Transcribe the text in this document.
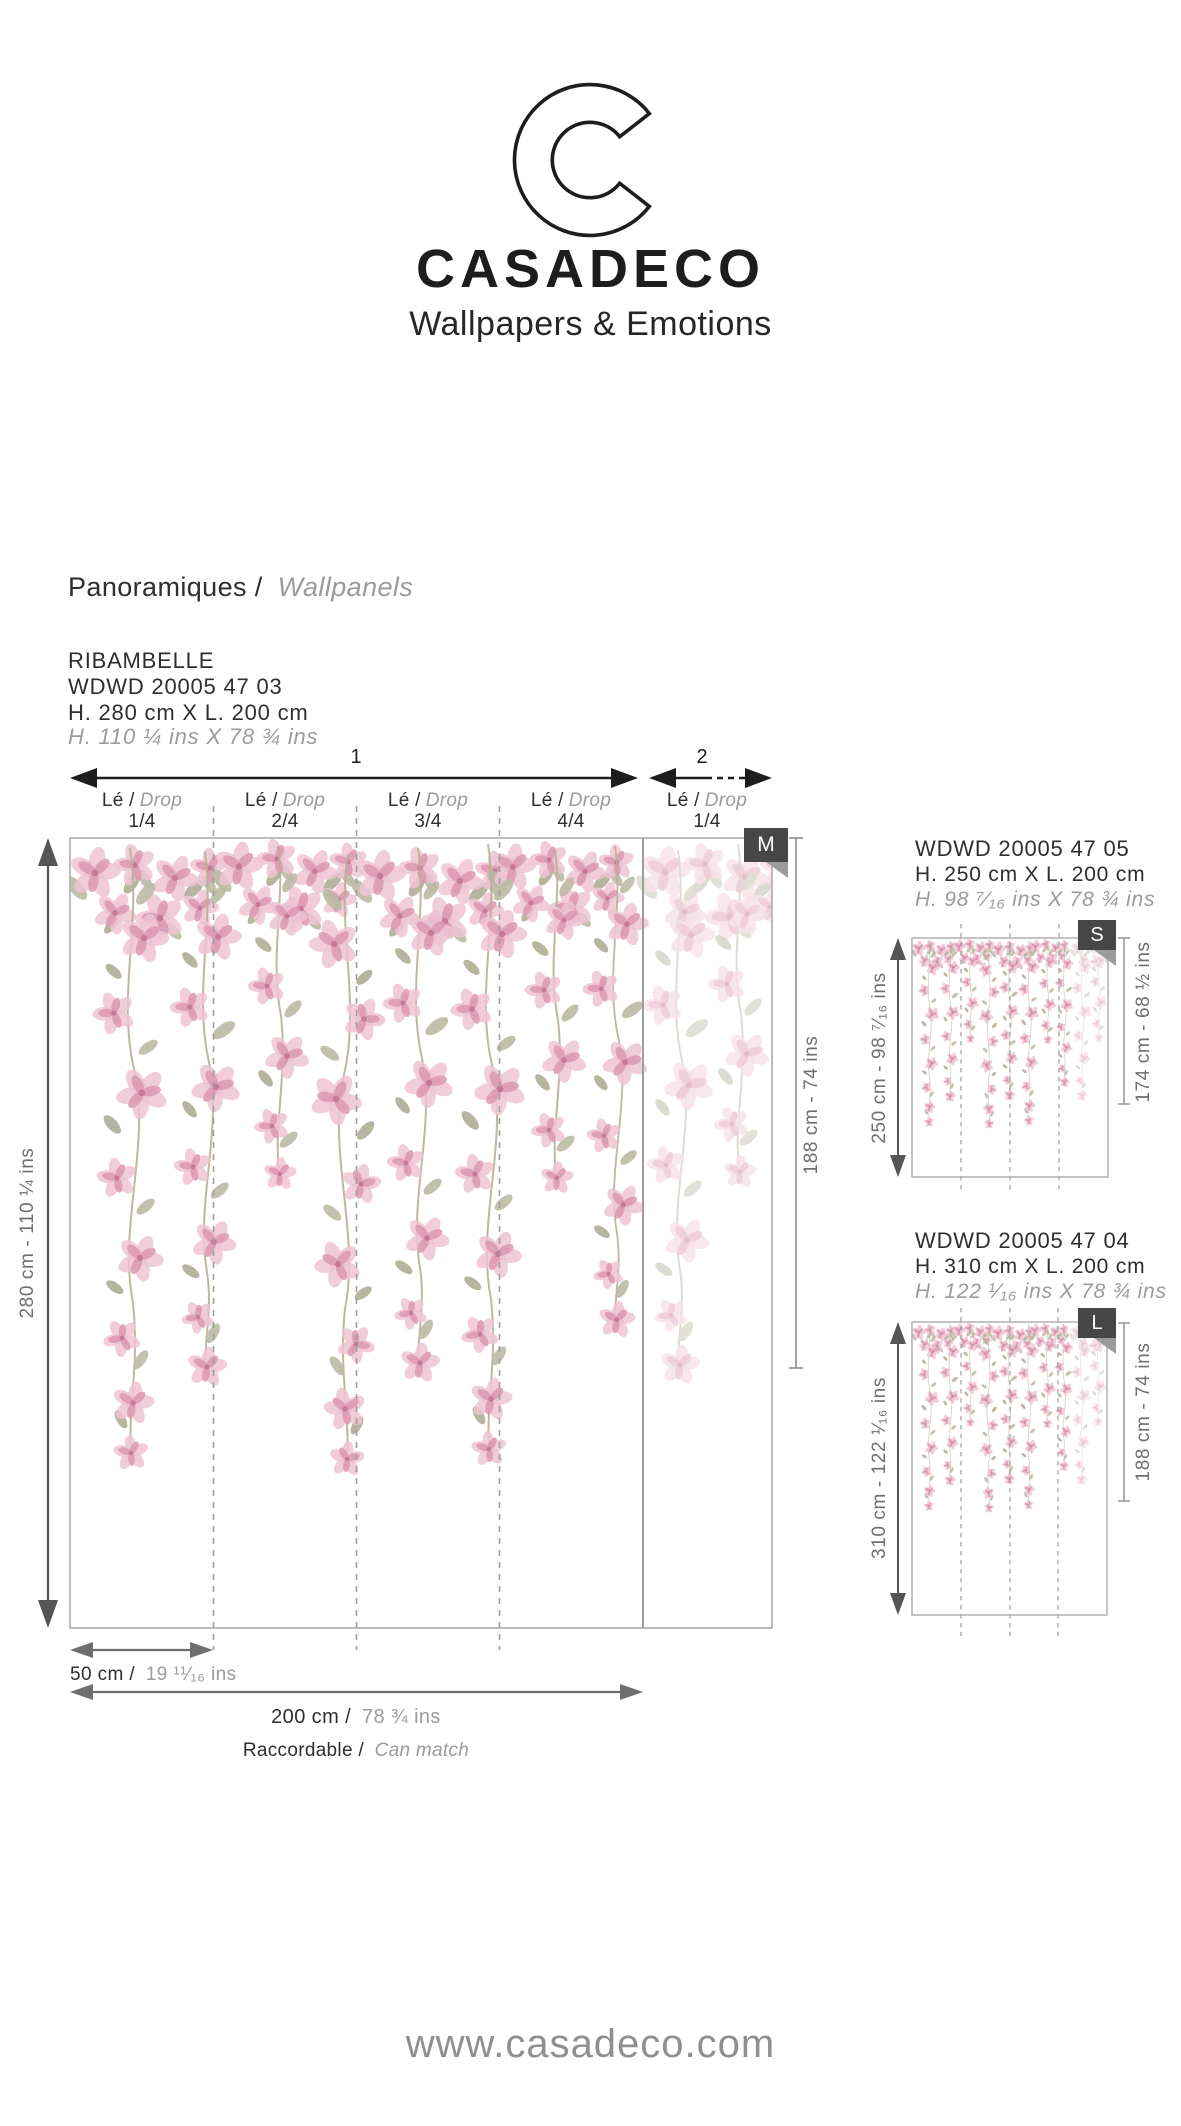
CASADECO
Wallpapers & Emotions
Panoramiques / Wallpanels
RIBAMBELLE
WDWD 20005 47 03
H. 280 cm X L. 200 cm
H. 110 ¼ ins X 78 ¾ ins
1	2
Lé / Drop
1/4
Lé / Drop
2/4
Lé / Drop
3/4
Lé / Drop
4/4
Lé / Drop
1/4
M
S
L
280 cm - 110 ¼ ins
188 cm - 74 ins 250 cm - 98 ⁷⁄₁₆ ins	174 cm - 68 ½ ins
310 cm - 122 ¹⁄₁₆ ins	188 cm - 74 ins
50 cm / 19 ¹¹⁄₁₆ ins
200 cm / 78 ¾ ins
Raccordable / Can match
WDWD 20005 47 05
H. 250 cm X L. 200 cm
H. 98 ⁷⁄₁₆ ins X 78 ¾ ins
WDWD 20005 47 04
H. 310 cm X L. 200 cm
H. 122 ¹⁄₁₆ ins X 78 ¾ ins
www.casadeco.com
